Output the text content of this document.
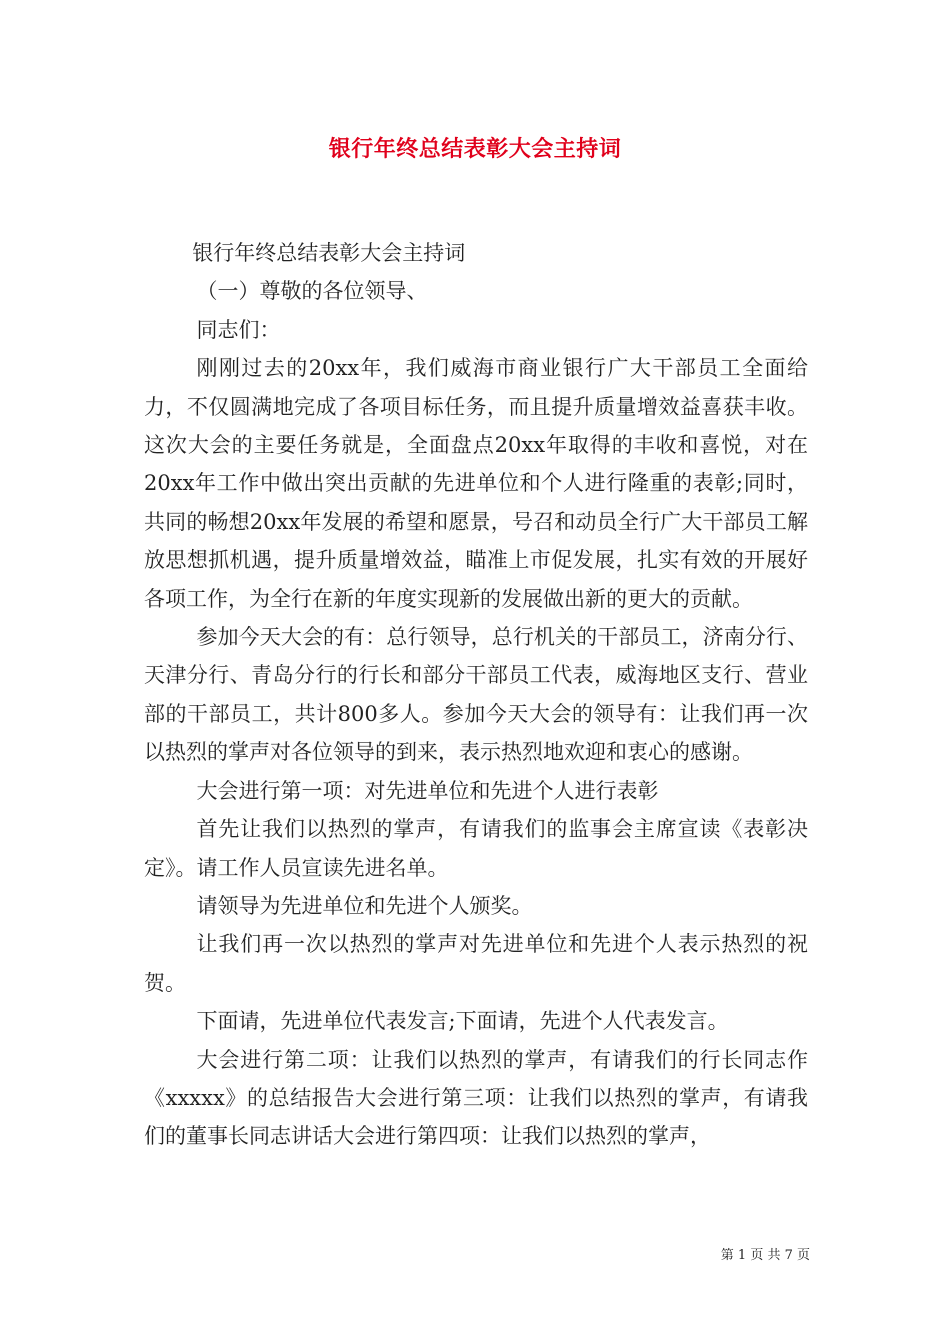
银行年终总结表彰大会主持词

银行年终总结表彰大会主持词

（一）尊敬的各位领导、

同志们：

刚刚过去的20xx年，我们威海市商业银行广大干部员工全面给力，不仅圆满地完成了各项目标任务，而且提升质量增效益喜获丰收。这次大会的主要任务就是，全面盘点20xx年取得的丰收和喜悦，对在20xx年工作中做出突出贡献的先进单位和个人进行隆重的表彰;同时，共同的畅想20xx年发展的希望和愿景，号召和动员全行广大干部员工解放思想抓机遇，提升质量增效益，瞄准上市促发展，扎实有效的开展好各项工作，为全行在新的年度实现新的发展做出新的更大的贡献。

参加今天大会的有：总行领导，总行机关的干部员工，济南分行、天津分行、青岛分行的行长和部分干部员工代表，威海地区支行、营业部的干部员工，共计800多人。参加今天大会的领导有：让我们再一次以热烈的掌声对各位领导的到来，表示热烈地欢迎和衷心的感谢。

大会进行第一项：对先进单位和先进个人进行表彰

首先让我们以热烈的掌声，有请我们的监事会主席宣读《表彰决定》。请工作人员宣读先进名单。

请领导为先进单位和先进个人颁奖。

让我们再一次以热烈的掌声对先进单位和先进个人表示热烈的祝贺。

下面请，先进单位代表发言;下面请，先进个人代表发言。

大会进行第二项：让我们以热烈的掌声，有请我们的行长同志作《xxxxx》的总结报告大会进行第三项：让我们以热烈的掌声，有请我们的董事长同志讲话大会进行第四项：让我们以热烈的掌声，

第 1 页 共 7 页
